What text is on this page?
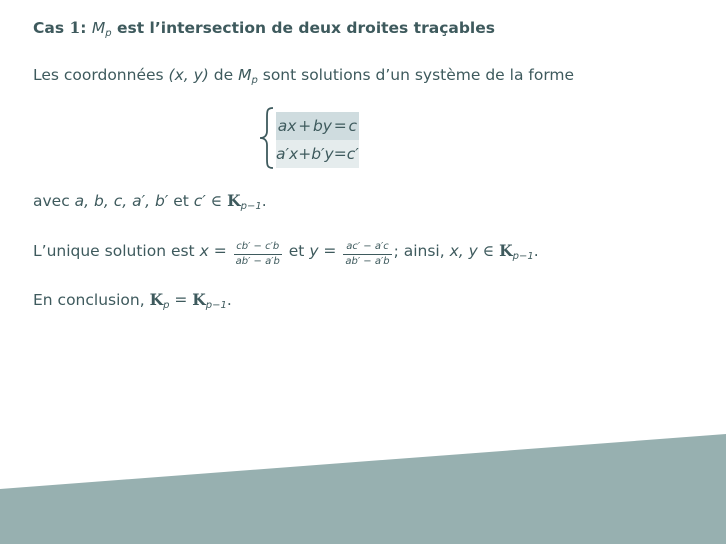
Cas 1: $M_p$ est l’intersection de deux droites traçables
Les coordonnées (x, y) de $M_p$ sont solutions d’un système de la forme
ax	+	by	=	c
a′x	+	b′y	=	c′
avec a, b, c, a′, b′ et c′ ∈ $K_{p-1}$.
L’unique solution est $x = \frac{cb' - c'b}{ab' - a'b}$ et $y = \frac{ac' - a'c}{ab' - a'b}$ ; ainsi, x, y ∈ $K_{p-1}$.
En conclusion, $K_p = K_{p-1}$.
